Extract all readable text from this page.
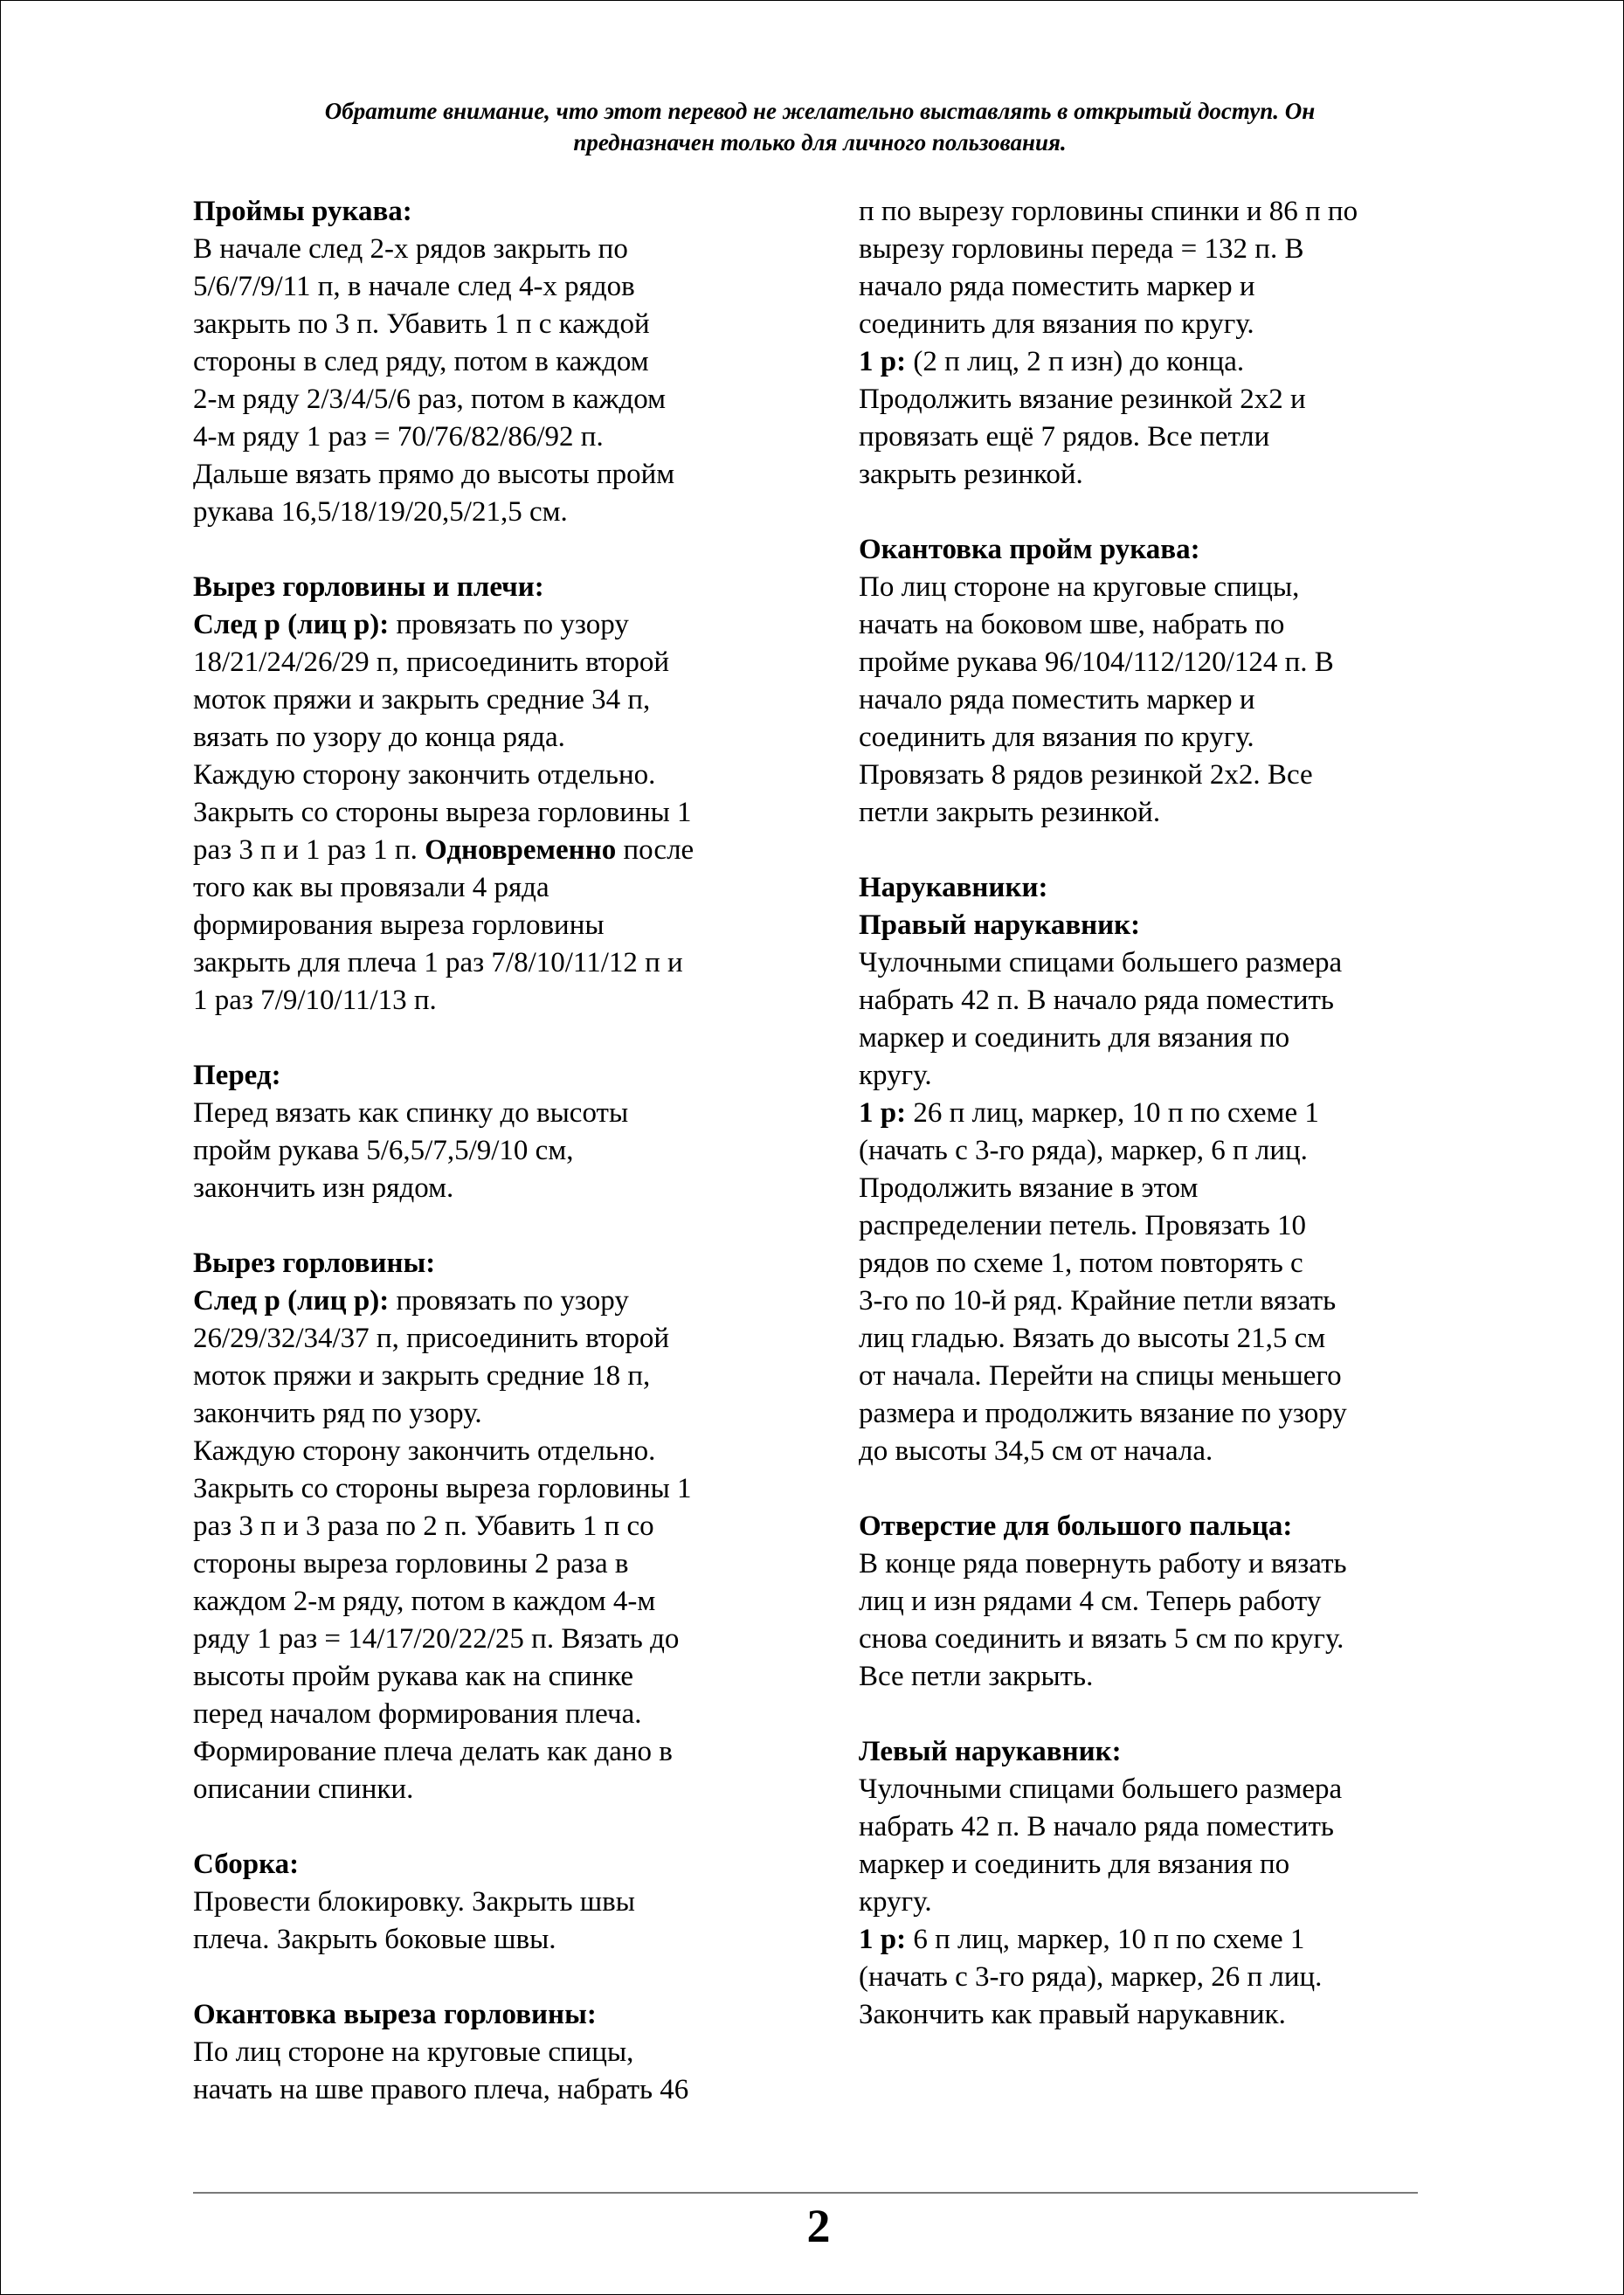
Обратите внимание, что этот перевод не желательно выставлять в открытый доступ. Он
предназначен только для личного пользования.
Проймы рукава:
В начале след 2-х рядов закрыть по
5/6/7/9/11 п, в начале след 4-х рядов
закрыть по 3 п. Убавить 1 п с каждой
стороны в след ряду, потом в каждом
2-м ряду 2/3/4/5/6 раз, потом в каждом
4-м ряду 1 раз = 70/76/82/86/92 п.
Дальше вязать прямо до высоты пройм
рукава 16,5/18/19/20,5/21,5 см.
Вырез горловины и плечи:
След р (лиц р): провязать по узору
18/21/24/26/29 п, присоединить второй
моток пряжи и закрыть средние 34 п,
вязать по узору до конца ряда.
Каждую сторону закончить отдельно.
Закрыть со стороны выреза горловины 1
раз 3 п и 1 раз 1 п. Одновременно после
того как вы провязали 4 ряда
формирования выреза горловины
закрыть для плеча 1 раз 7/8/10/11/12 п и
1 раз 7/9/10/11/13 п.
Перед:
Перед вязать как спинку до высоты
пройм рукава 5/6,5/7,5/9/10 см,
закончить изн рядом.
Вырез горловины:
След р (лиц р): провязать по узору
26/29/32/34/37 п, присоединить второй
моток пряжи и закрыть средние 18 п,
закончить ряд по узору.
Каждую сторону закончить отдельно.
Закрыть со стороны выреза горловины 1
раз 3 п и 3 раза по 2 п. Убавить 1 п со
стороны выреза горловины 2 раза в
каждом 2-м ряду, потом в каждом 4-м
ряду 1 раз = 14/17/20/22/25 п. Вязать до
высоты пройм рукава как на спинке
перед началом формирования плеча.
Формирование плеча делать как дано в
описании спинки.
Сборка:
Провести блокировку. Закрыть швы
плеча. Закрыть боковые швы.
Окантовка выреза горловины:
По лиц стороне на круговые спицы,
начать на шве правого плеча, набрать 46
п по вырезу горловины спинки и 86 п по
вырезу горловины переда = 132 п. В
начало ряда поместить маркер и
соединить для вязания по кругу.
1 р: (2 п лиц, 2 п изн) до конца.
Продолжить вязание резинкой 2х2 и
провязать ещё 7 рядов. Все петли
закрыть резинкой.
Окантовка пройм рукава:
По лиц стороне на круговые спицы,
начать на боковом шве, набрать по
пройме рукава 96/104/112/120/124 п. В
начало ряда поместить маркер и
соединить для вязания по кругу.
Провязать 8 рядов резинкой 2х2. Все
петли закрыть резинкой.
Нарукавники:
Правый нарукавник:
Чулочными спицами большего размера
набрать 42 п. В начало ряда поместить
маркер и соединить для вязания по
кругу.
1 р: 26 п лиц, маркер, 10 п по схеме 1
(начать с 3-го ряда), маркер, 6 п лиц.
Продолжить вязание в этом
распределении петель. Провязать 10
рядов по схеме 1, потом повторять с
3-го по 10-й ряд. Крайние петли вязать
лиц гладью. Вязать до высоты 21,5 см
от начала. Перейти на спицы меньшего
размера и продолжить вязание по узору
до высоты 34,5 см от начала.
Отверстие для большого пальца:
В конце ряда повернуть работу и вязать
лиц и изн рядами 4 см. Теперь работу
снова соединить и вязать 5 см по кругу.
Все петли закрыть.
Левый нарукавник:
Чулочными спицами большего размера
набрать 42 п. В начало ряда поместить
маркер и соединить для вязания по
кругу.
1 р: 6 п лиц, маркер, 10 п по схеме 1
(начать с 3-го ряда), маркер, 26 п лиц.
Закончить как правый нарукавник.
2
